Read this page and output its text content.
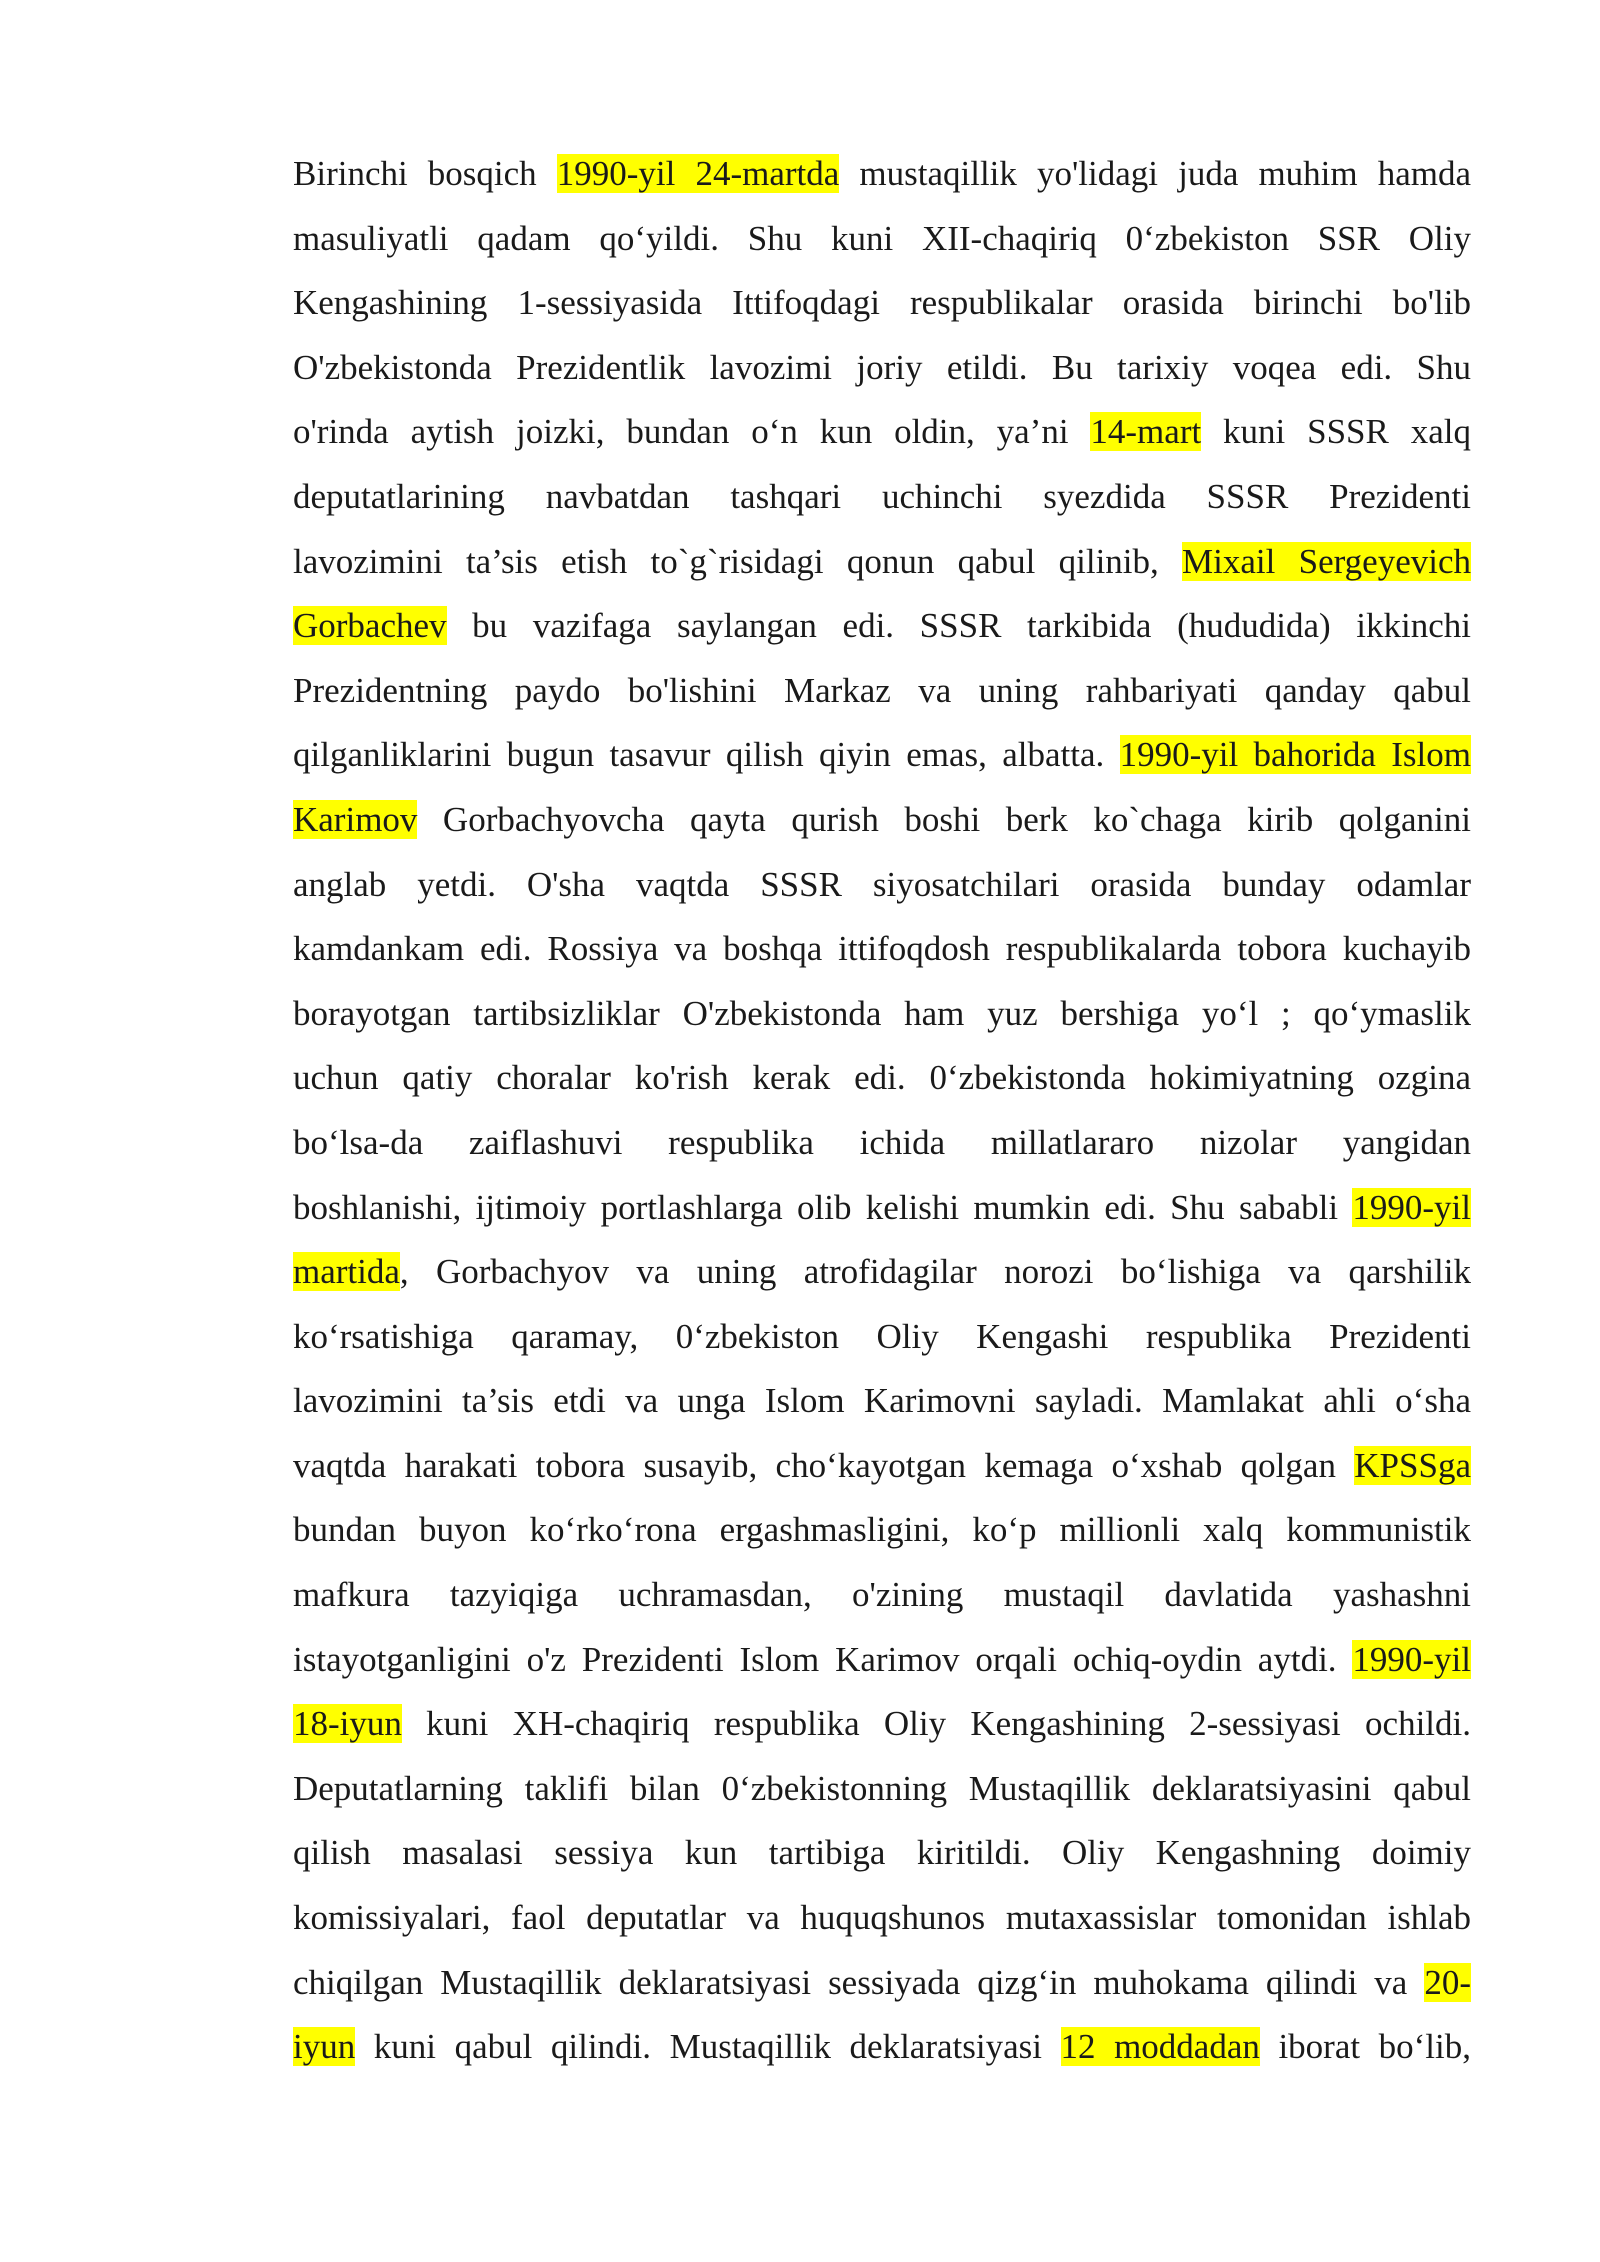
Birinchi bosqich 1990-yil 24-martda mustaqillik yo'lidagi juda muhim hamda
masuliyatli qadam qo‘yildi. Shu kuni XII-chaqiriq 0‘zbekiston SSR Oliy
Kengashining 1-sessiyasida Ittifoqdagi respublikalar orasida birinchi bo'lib
O'zbekistonda Prezidentlik lavozimi joriy etildi. Bu tarixiy voqea edi. Shu
o'rinda aytish joizki, bundan o‘n kun oldin, ya’ni 14-mart kuni SSSR xalq
deputatlarining navbatdan tashqari uchinchi syezdida SSSR Prezidenti
lavozimini ta’sis etish to`g`risidagi qonun qabul qilinib, Mixail Sergeyevich
Gorbachev bu vazifaga saylangan edi. SSSR tarkibida (hududida) ikkinchi
Prezidentning paydo bo'lishini Markaz va uning rahbariyati qanday qabul
qilganliklarini bugun tasavur qilish qiyin emas, albatta. 1990-yil bahorida Islom
Karimov Gorbachyovcha qayta qurish boshi berk ko`chaga kirib qolganini
anglab yetdi. O'sha vaqtda SSSR siyosatchilari orasida bunday odamlar
kamdankam edi. Rossiya va boshqa ittifoqdosh respublikalarda tobora kuchayib
borayotgan tartibsizliklar O'zbekistonda ham yuz bershiga yo‘l ; qo‘ymaslik
uchun qatiy choralar ko'rish kerak edi. 0‘zbekistonda hokimiyatning ozgina
bo‘lsa-da zaiflashuvi respublika ichida millatlararo nizolar yangidan
boshlanishi, ijtimoiy portlashlarga olib kelishi mumkin edi. Shu sababli 1990-yil
martida, Gorbachyov va uning atrofidagilar norozi bo‘lishiga va qarshilik
ko‘rsatishiga qaramay, 0‘zbekiston Oliy Kengashi respublika Prezidenti
lavozimini ta’sis etdi va unga Islom Karimovni sayladi. Mamlakat ahli o‘sha
vaqtda harakati tobora susayib, cho‘kayotgan kemaga o‘xshab qolgan KPSSga
bundan buyon ko‘rko‘rona ergashmasligini, ko‘p millionli xalq kommunistik
mafkura tazyiqiga uchramasdan, o'zining mustaqil davlatida yashashni
istayotganligini o'z Prezidenti Islom Karimov orqali ochiq-oydin aytdi. 1990-yil
18-iyun kuni XH-chaqiriq respublika Oliy Kengashining 2-sessiyasi ochildi.
Deputatlarning taklifi bilan 0‘zbekistonning Mustaqillik deklaratsiyasini qabul
qilish masalasi sessiya kun tartibiga kiritildi. Oliy Kengashning doimiy
komissiyalari, faol deputatlar va huquqshunos mutaxassislar tomonidan ishlab
chiqilgan Mustaqillik deklaratsiyasi sessiyada qizg‘in muhokama qilindi va 20-
iyun kuni qabul qilindi. Mustaqillik deklaratsiyasi 12 moddadan iborat bo‘lib,
